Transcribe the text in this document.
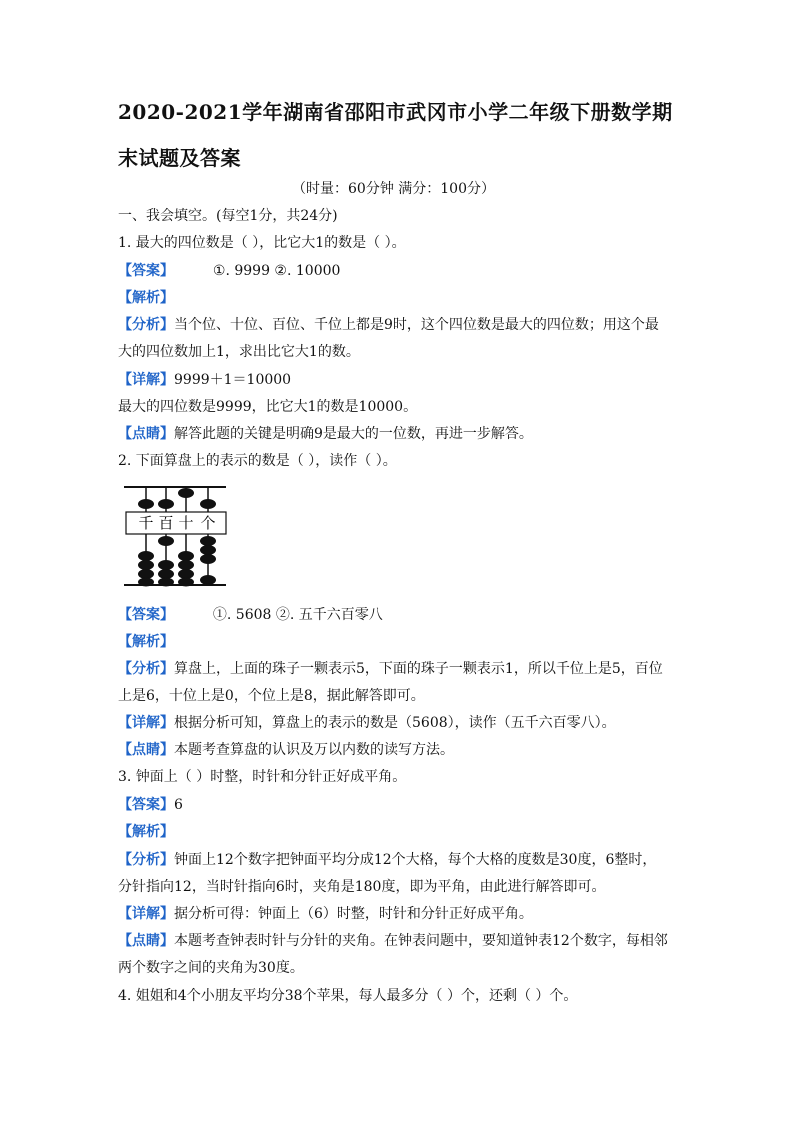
2020-2021学年湖南省邵阳市武冈市小学二年级下册数学期
末试题及答案
（时量：60分钟 满分：100分）
一、我会填空。(每空1分，共24分)
1. 最大的四位数是（ ），比它大1的数是（ ）。
【答案】	①. 9999 ②. 10000
【解析】
【分析】当个位、十位、百位、千位上都是9时，这个四位数是最大的四位数；用这个最
大的四位数加上1，求出比它大1的数。
【详解】9999＋1＝10000
最大的四位数是9999，比它大1的数是10000。
【点睛】解答此题的关键是明确9是最大的一位数，再进一步解答。
2. 下面算盘上的表示的数是（ ），读作（ ）。
千 百 十 个
【答案】	①. 5608 ②. 五千六百零八
【解析】
【分析】算盘上，上面的珠子一颗表示5，下面的珠子一颗表示1，所以千位上是5，百位
上是6，十位上是0，个位上是8，据此解答即可。
【详解】根据分析可知，算盘上的表示的数是（5608），读作（五千六百零八）。
【点睛】本题考查算盘的认识及万以内数的读写方法。
3. 钟面上（ ）时整，时针和分针正好成平角。
【答案】6
【解析】
【分析】钟面上12个数字把钟面平均分成12个大格，每个大格的度数是30度，6整时，
分针指向12，当时针指向6时，夹角是180度，即为平角，由此进行解答即可。
【详解】据分析可得：钟面上（6）时整，时针和分针正好成平角。
【点睛】本题考查钟表时针与分针的夹角。在钟表问题中，要知道钟表12个数字，每相邻
两个数字之间的夹角为30度。
4. 姐姐和4个小朋友平均分38个苹果，每人最多分（ ）个，还剩（ ）个。
